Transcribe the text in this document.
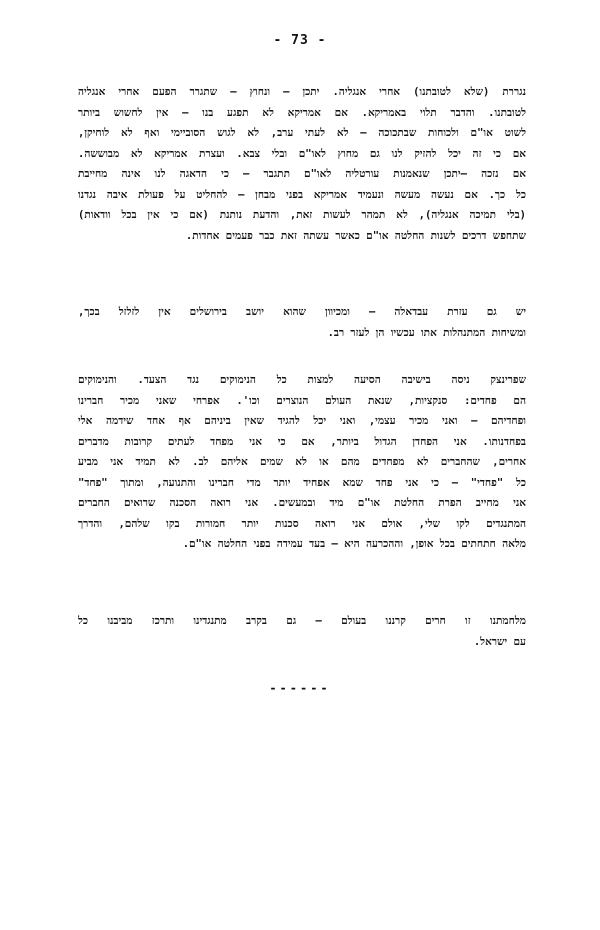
- 73 -
נגררת (שלא לטובתנו) אחרי אנגליה. יתכן – ונחוץ – שתגרר הפעם אחרי אנגליה
לטובתנו. והדבר תלוי באמריקא. אם אמריקא לא תפגע בנו – אין לחשוש ביותר
לשוט או"ם ולכוחות שבתכוכה – לא לעתי ערב, לא לגוש הסוביימי ואף לא לוחיקן,
אם כי זה יכל להזיק לנו גם מחוץ לאו"ם ובלי צבא. ועצרת אמריקא לא מבוששה.
אם נזכה –יתכן שנאמנות עורטליה לאו"ם תתגבר – כי הדאגה לנו אינה מחייבת
כל כך. אם נעשה מעשה ונעמיד אמריקא בפני מבחן – להחליט על פעולת איבה נגדנו
(בלי תמיכה אנגליה), לא תמהר לעשות זאת, והדעת נותנת (אם כי אין בכל וודאות)
שתחפש דרכים לשנות החלטה או"ם כאשר עשתה זאת כבר פעמים אחדות.
יש גם עזרת עבדאלה – ומכיוון שהוא יושב בירושלים אין לזלזל בכך,
ומשיחות המתנהלות אתו עכשיו הן לעזר רב.
שפרינצק ניסה בישיבה הסיעה למצות כל הנימוקים נגד הצעד. והנימוקים
הם פחדים: סנקציות, שנאת העולם הנוצרים וכו'. אפרחי שאני מכיר חברינו
ופחדיהם – ואני מכיר עצמי, ואני יכל להגיד שאין ביניהם אף אחד שידמה אלי
בפחדנותו. אני הפחדן הגדול ביותר, אם כי אני מפחד לעתים קרובות מדברים
אחרים, שהחברים לא מפחדים מהם או לא שמים אליהם לב. לא תמיד אני מביע
כל "פחדי" – כי אני פחד שמא אפחיד יותר מדי חברינו והתנועה, ומתוך "פחד"
אני מחייב הפרת החלטת או"ם מיד ובמעשים. אני רואה הסכנה שרואים החברים
המתנגדים לקו שלי, אולם אני רואה סכנות יותר חמורות בקו שלהם, והדרך
מלאה חתחתים בכל אופן, וההכרעה היא – בעד עמידה בפני החלטה או"ם.
מלחמתנו זו חרים קרננו בעולם – גם בקרב מתנגדינו ותרכז מביבנו כל
עם ישראל.
------
